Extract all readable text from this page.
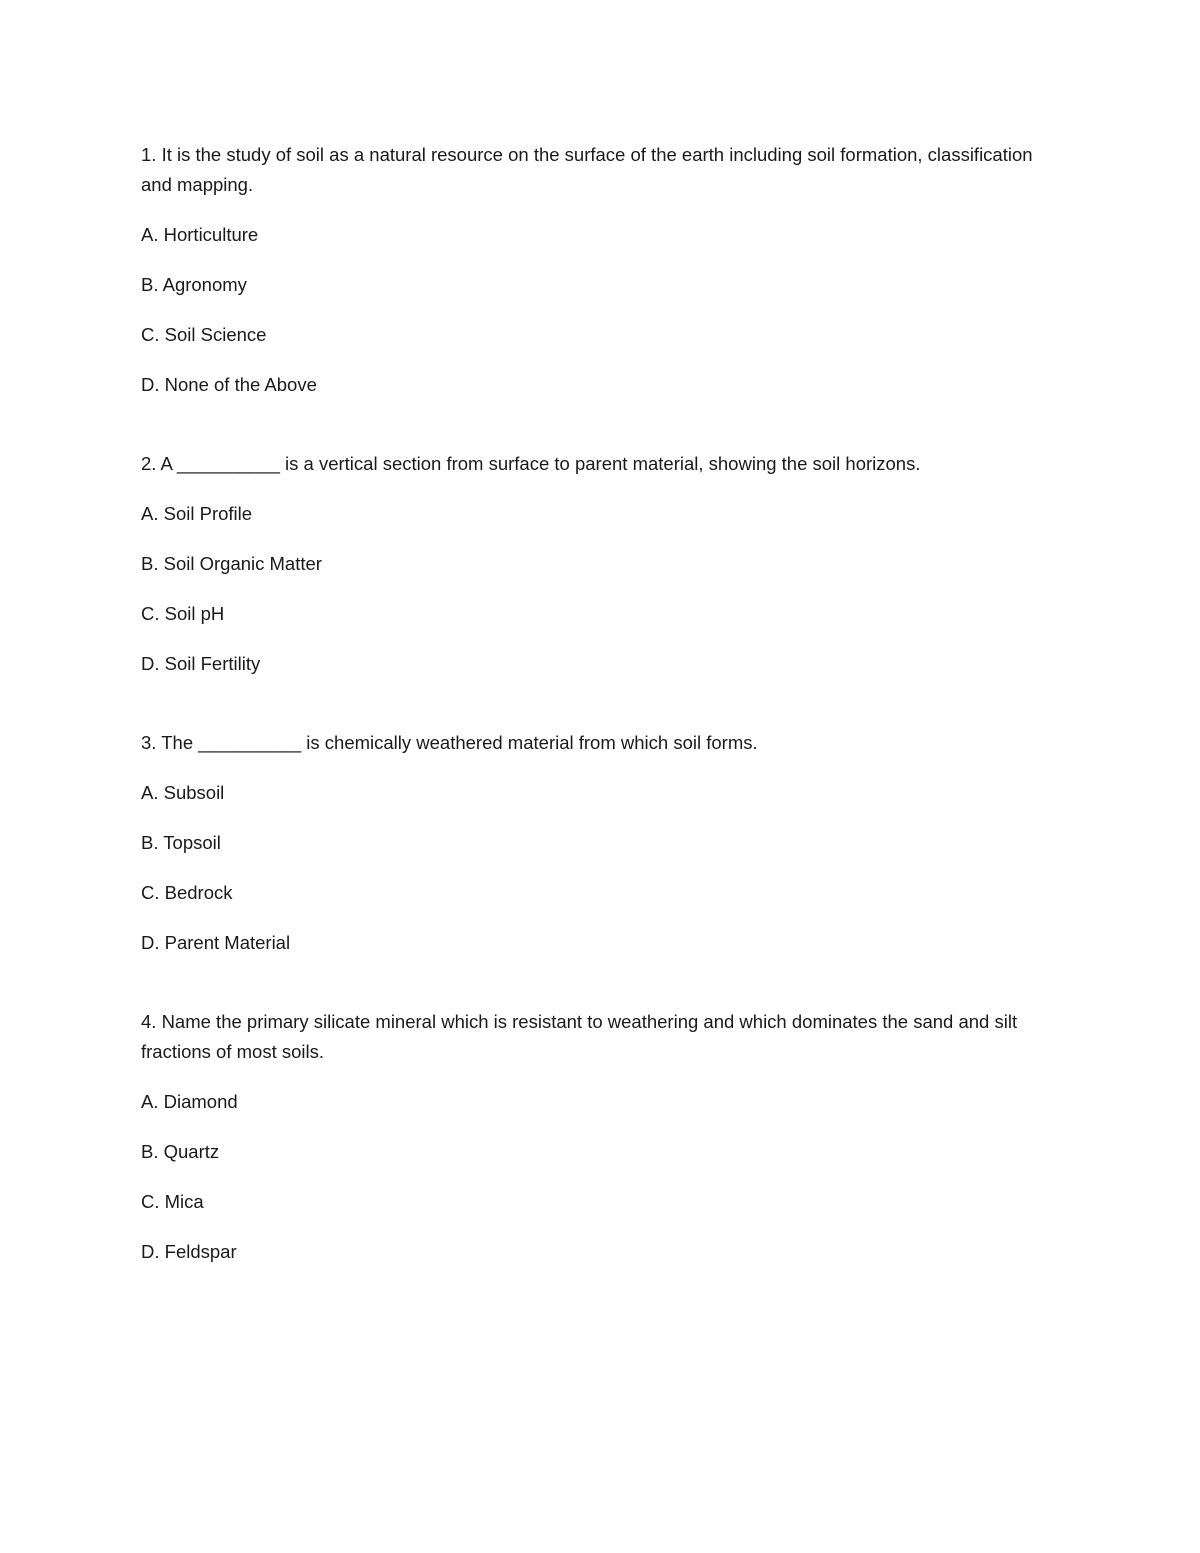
1. It is the study of soil as a natural resource on the surface of the earth including soil formation, classification and mapping.

A. Horticulture
B. Agronomy
C. Soil Science
D. None of the Above

2. A __________ is a vertical section from surface to parent material, showing the soil horizons.

A. Soil Profile
B. Soil Organic Matter
C. Soil pH
D. Soil Fertility

3. The __________ is chemically weathered material from which soil forms.

A. Subsoil
B. Topsoil
C. Bedrock
D. Parent Material

4. Name the primary silicate mineral which is resistant to weathering and which dominates the sand and silt fractions of most soils.

A. Diamond
B. Quartz
C. Mica
D. Feldspar
